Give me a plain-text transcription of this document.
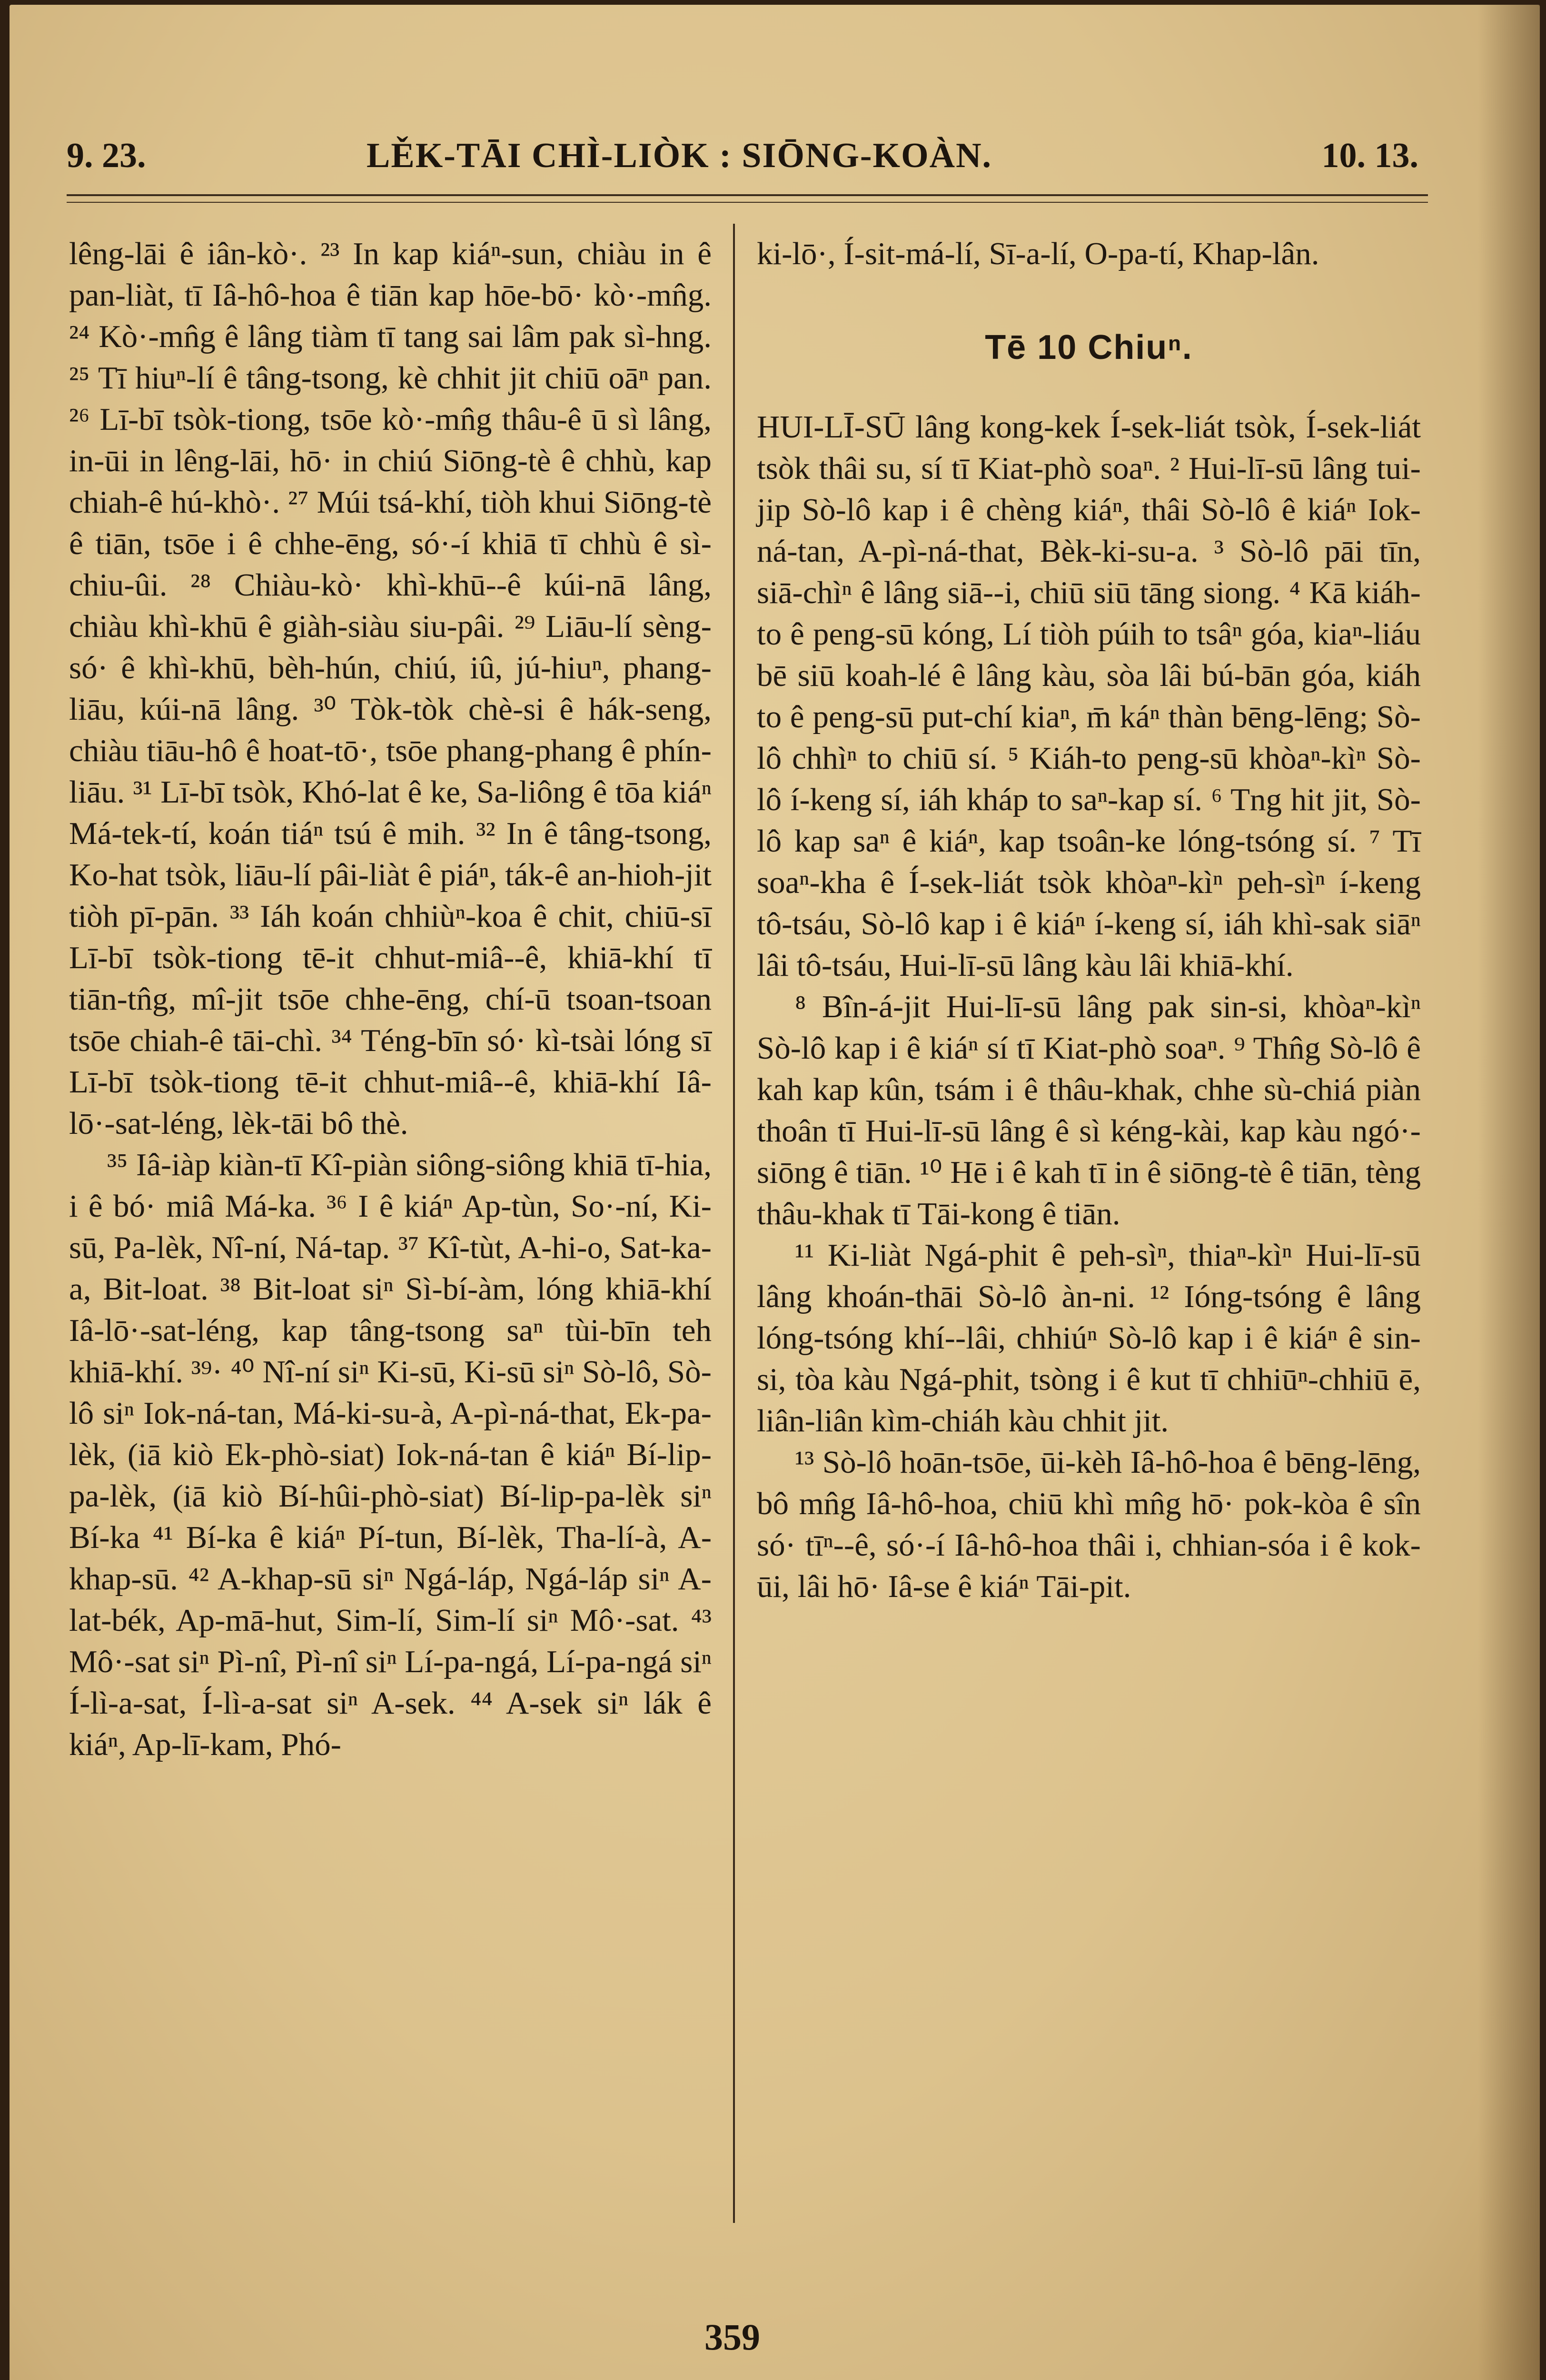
9. 23.	LĚK-TĀI CHÌ-LIÒK : SIŌNG-KOÀN.	10. 13.

lêng-lāi ê iân-kò·. ²³ In kap kiáⁿ-sun, chiàu in ê pan-liàt, tī Iâ-hô-hoa ê tiān kap hōe-bō· kò·-mn̂g. ²⁴ Kò·-mn̂g ê lâng tiàm tī tang sai lâm pak sì-hng. ²⁵ Tī hiuⁿ-lí ê tâng-tsong, kè chhit jit chiū oāⁿ pan. ²⁶ Lī-bī tsòk-tiong, tsōe kò·-mn̂g thâu-ê ū sì lâng, in-ūi in lêng-lāi, hō· in chiú Siōng-tè ê chhù, kap chiah-ê hú-khò·. ²⁷ Múi tsá-khí, tiòh khui Siōng-tè ê tiān, tsōe i ê chhe-ēng, só·-í khiā tī chhù ê sì-chiu-ûi. ²⁸ Chiàu-kò· khì-khū--ê kúi-nā lâng, chiàu khì-khū ê giàh-siàu siu-pâi. ²⁹ Liāu-lí sèng-só· ê khì-khū, bèh-hún, chiú, iû, jú-hiuⁿ, phang-liāu, kúi-nā lâng. ³⁰ Tòk-tòk chè-si ê hák-seng, chiàu tiāu-hô ê hoat-tō·, tsōe phang-phang ê phín-liāu. ³¹ Lī-bī tsòk, Khó-lat ê ke, Sa-liông ê tōa kiáⁿ Má-tek-tí, koán tiáⁿ tsú ê mih. ³² In ê tâng-tsong, Ko-hat tsòk, liāu-lí pâi-liàt ê piáⁿ, ták-ê an-hioh-jit tiòh pī-pān. ³³ Iáh koán chhiùⁿ-koa ê chit, chiū-sī Lī-bī tsòk-tiong tē-it chhut-miâ--ê, khiā-khí tī tiān-tn̂g, mî-jit tsōe chhe-ēng, chí-ū tsoan-tsoan tsōe chiah-ê tāi-chì. ³⁴ Téng-bīn só· kì-tsài lóng sī Lī-bī tsòk-tiong tē-it chhut-miâ--ê, khiā-khí Iâ-lō·-sat-léng, lèk-tāi bô thè.

³⁵ Iâ-iàp kiàn-tī Kî-piàn siông-siông khiā tī-hia, i ê bó· miâ Má-ka. ³⁶ I ê kiáⁿ Ap-tùn, So·-ní, Ki-sū, Pa-lèk, Nî-ní, Ná-tap. ³⁷ Kî-tùt, A-hi-o, Sat-ka-a, Bit-loat. ³⁸ Bit-loat siⁿ Sì-bí-àm, lóng khiā-khí Iâ-lō·-sat-léng, kap tâng-tsong saⁿ tùi-bīn teh khiā-khí. ³⁹· ⁴⁰ Nî-ní siⁿ Ki-sū, Ki-sū siⁿ Sò-lô, Sò-lô siⁿ Iok-ná-tan, Má-ki-su-à, A-pì-ná-that, Ek-pa-lèk, (iā kiò Ek-phò-siat) Iok-ná-tan ê kiáⁿ Bí-lip-pa-lèk, (iā kiò Bí-hûi-phò-siat) Bí-lip-pa-lèk siⁿ Bí-ka ⁴¹ Bí-ka ê kiáⁿ Pí-tun, Bí-lèk, Tha-lí-à, A-khap-sū. ⁴² A-khap-sū siⁿ Ngá-láp, Ngá-láp siⁿ A-lat-bék, Ap-mā-hut, Sim-lí, Sim-lí siⁿ Mô·-sat. ⁴³ Mô·-sat siⁿ Pì-nî, Pì-nî siⁿ Lí-pa-ngá, Lí-pa-ngá siⁿ Í-lì-a-sat, Í-lì-a-sat siⁿ A-sek. ⁴⁴ A-sek siⁿ lák ê kiáⁿ, Ap-lī-kam, Phó-

ki-lō·, Í-sit-má-lí, Sī-a-lí, O-pa-tí, Khap-lân.

Tē 10 Chiuⁿ.

HUI-LĪ-SŪ lâng kong-kek Í-sek-liát tsòk, Í-sek-liát tsòk thâi su, sí tī Kiat-phò soaⁿ. ² Hui-lī-sū lâng tui-jip Sò-lô kap i ê chèng kiáⁿ, thâi Sò-lô ê kiáⁿ Iok-ná-tan, A-pì-ná-that, Bèk-ki-su-a. ³ Sò-lô pāi tīn, siā-chìⁿ ê lâng siā--i, chiū siū tāng siong. ⁴ Kā kiáh-to ê peng-sū kóng, Lí tiòh púih to tsâⁿ góa, kiaⁿ-liáu bē siū koah-lé ê lâng kàu, sòa lâi bú-bān góa, kiáh to ê peng-sū put-chí kiaⁿ, m̄ káⁿ thàn bēng-lēng; Sò-lô chhìⁿ to chiū sí. ⁵ Kiáh-to peng-sū khòaⁿ-kìⁿ Sò-lô í-keng sí, iáh kháp to saⁿ-kap sí. ⁶ Tng hit jit, Sò-lô kap saⁿ ê kiáⁿ, kap tsoân-ke lóng-tsóng sí. ⁷ Tī soaⁿ-kha ê Í-sek-liát tsòk khòaⁿ-kìⁿ peh-sìⁿ í-keng tô-tsáu, Sò-lô kap i ê kiáⁿ í-keng sí, iáh khì-sak siāⁿ lâi tô-tsáu, Hui-lī-sū lâng kàu lâi khiā-khí.

⁸ Bîn-á-jit Hui-lī-sū lâng pak sin-si, khòaⁿ-kìⁿ Sò-lô kap i ê kiáⁿ sí tī Kiat-phò soaⁿ. ⁹ Thn̂g Sò-lô ê kah kap kûn, tsám i ê thâu-khak, chhe sù-chiá piàn thoân tī Hui-lī-sū lâng ê sì kéng-kài, kap kàu ngó·-siōng ê tiān. ¹⁰ Hē i ê kah tī in ê siōng-tè ê tiān, tèng thâu-khak tī Tāi-kong ê tiān.

¹¹ Ki-liàt Ngá-phit ê peh-sìⁿ, thiaⁿ-kìⁿ Hui-lī-sū lâng khoán-thāi Sò-lô àn-ni. ¹² Ióng-tsóng ê lâng lóng-tsóng khí--lâi, chhiúⁿ Sò-lô kap i ê kiáⁿ ê sin-si, tòa kàu Ngá-phit, tsòng i ê kut tī chhiūⁿ-chhiū ē, liân-liân kìm-chiáh kàu chhit jit.

¹³ Sò-lô hoān-tsōe, ūi-kèh Iâ-hô-hoa ê bēng-lēng, bô mn̂g Iâ-hô-hoa, chiū khì mn̂g hō· pok-kòa ê sîn só· tīⁿ--ê, só·-í Iâ-hô-hoa thâi i, chhian-sóa i ê kok-ūi, lâi hō· Iâ-se ê kiáⁿ Tāi-pit.

359
